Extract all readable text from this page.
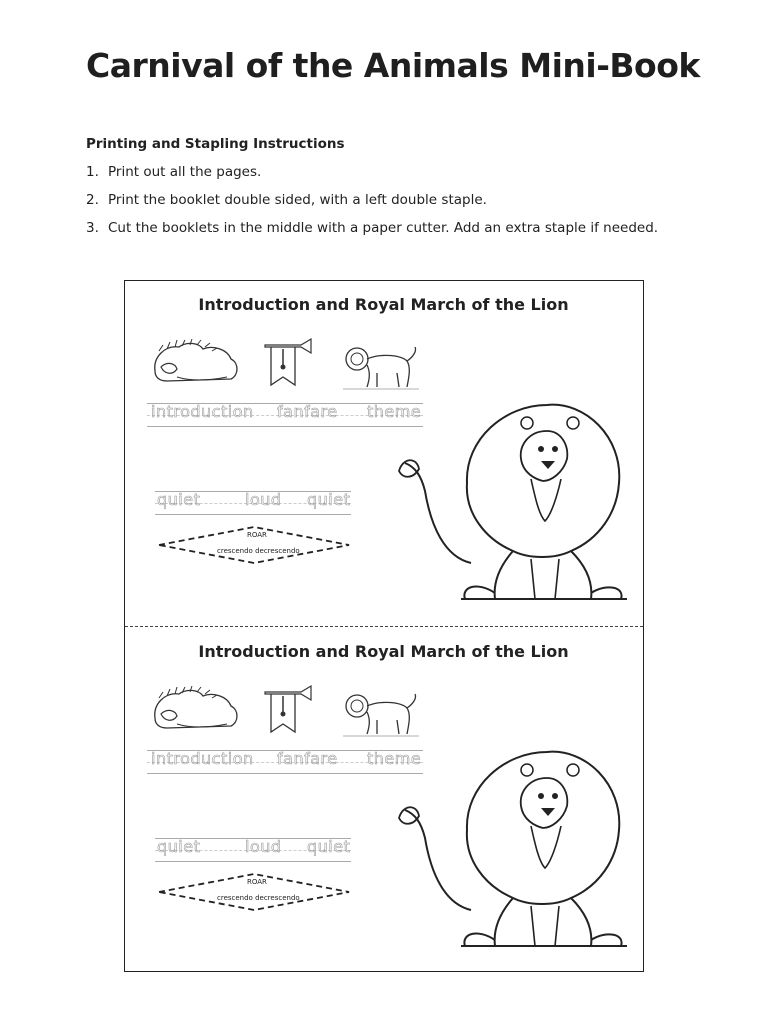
Carnival of the Animals Mini-Book

Printing and Stapling Instructions

1. Print out all the pages.
2. Print the booklet double sided, with a left double staple.
3. Cut the booklets in the middle with a paper cutter. Add an extra staple if needed.
Introduction and Royal March of the Lion
introduction fanfare theme
quiet	loud quiet
ROAR
crescendo decrescendo
Introduction and Royal March of the Lion
introduction fanfare theme
quiet	loud quiet
ROAR
crescendo decrescendo
